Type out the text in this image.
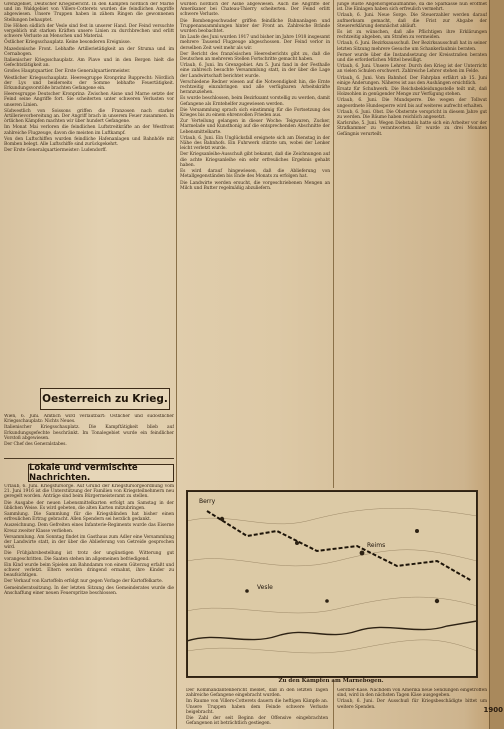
Grenzgebiet, Deutscher Kriegsbericht. In den Kämpfen nördlich der Marne und im Waldgebiet von Villers-Cotterets wurden die feindlichen Angriffe abgewiesen. Unsere Truppen haben in zähem Ringen die gewonnenen Stellungen behauptet.

Die Höhen südlich der Vesle sind fest in unserer Hand. Der Feind versuchte vergeblich mit starken Kräften unsere Linien zu durchbrechen und erlitt schwere Verluste an Menschen und Material.

Östlicher Kriegsschauplatz. Keine besonderen Ereignisse.

Mazedonische Front. Lebhafte Artillerietätigkeit an der Struma und im Cernabogen.

Italienischer Kriegsschauplatz. Am Piave und in den Bergen hielt die Gefechtstätigkeit an.

Großes Hauptquartier. Der Erste Generalquartiermeister.

Westlicher Kriegsschauplatz. Heeresgruppe Kronprinz Rupprecht: Nördlich der Lys und beiderseits der Somme lebhafte Feuertätigkeit. Erkundungsvorstöße brachten Gefangene ein.

Heeresgruppe Deutscher Kronprinz: Zwischen Aisne und Marne setzte der Feind seine Angriffe fort. Sie scheiterten unter schweren Verlusten vor unseren Linien.

Südwestlich von Soissons griffen die Franzosen nach starker Artillerievorbereitung an. Der Angriff brach in unserem Feuer zusammen. In örtlichen Kämpfen machten wir über hundert Gefangene.

Im Monat Mai verloren die feindlichen Luftstreitkräfte an der Westfront zahlreiche Flugzeuge, davon die meisten im Luftkampf.

Von den Luftschiffen wurden feindliche Hafenanlagen und Bahnhöfe mit Bomben belegt. Alle Luftschiffe sind zurückgekehrt.

Der Erste Generalquartiermeister: Ludendorff.

Oesterreich zu Krieg.

Wien, 6. Juni. Amtlich wird verlautbart: Östlicher und südöstlicher Kriegsschauplatz: Nichts Neues.

Italienischer Kriegsschauplatz. Die Kampftätigkeit blieb auf Erkundungsgefechte beschränkt. Im Tonalegebiet wurde ein feindlicher Vorstoß abgewiesen.

Der Chef des Generalstabes.

Lokale und vermischte Nachrichten.

Urlaub, 6. Juni. Kriegsfürsorge. Auf Grund der Kriegsfürsorgeordnung vom 21. Juni 1916 ist die Unterstützung der Familien von Kriegsteilnehmern neu geregelt worden. Anträge sind beim Bürgermeisteramt zu stellen.

Die Ausgabe der neuen Lebensmittelkarten erfolgt am Samstag in der üblichen Weise. Es wird gebeten, die alten Karten mitzubringen.

Sammlung. Die Sammlung für die Kriegsblinden hat bisher einen erfreulichen Ertrag gebracht. Allen Spendern sei herzlich gedankt.

Auszeichnung. Dem Gefreiten eines Infanterie-Regiments wurde das Eiserne Kreuz zweiter Klasse verliehen.

Versammlung. Am Sonntag findet im Gasthaus zum Adler eine Versammlung der Landwirte statt, in der über die Ablieferung von Getreide gesprochen wird.

Die Frühjahrsbestellung ist trotz der ungünstigen Witterung gut vorangeschritten. Die Saaten stehen im allgemeinen befriedigend.

Ein Kind wurde beim Spielen am Bahndamm von einem Güterzug erfaßt und schwer verletzt. Eltern werden dringend ermahnt, ihre Kinder zu beaufsichtigen.

Der Verkauf von Kartoffeln erfolgt nur gegen Vorlage der Kartoffelkarte.

Gemeinderatssitzung. In der letzten Sitzung des Gemeinderates wurde die Anschaffung einer neuen Feuerspritze beschlossen.

wurden nördlich der Aisne abgewiesen. Auch die Angriffe der Amerikaner bei Chateau-Thierry scheiterten. Der Feind erlitt schwere Verluste.

Die Bombengeschwader griffen feindliche Bahnanlagen und Truppenansammlungen hinter der Front an. Zahlreiche Brände wurden beobachtet.

Im Laufe des Juni wurden 1917 und bisher im Jahre 1918 insgesamt mehrere Tausend Flugzeuge abgeschossen. Der Feind verlor in derselben Zeit weit mehr als wir.

Der Bericht des französischen Heeresberichts gibt zu, daß die Deutschen an mehreren Stellen Fortschritte gemacht haben.

Urlaub, 6. Juni. Im Grenzgebiet. Am 5. Juni fand in der Festhalle eine zahlreich besuchte Versammlung statt, in der über die Lage der Landwirtschaft berichtet wurde.

Verschiedene Redner wiesen auf die Notwendigkeit hin, die Ernte rechtzeitig einzubringen und alle verfügbaren Arbeitskräfte heranzuziehen.

Es wurde beschlossen, beim Bezirksamt vorstellig zu werden, damit Gefangene als Erntehelfer zugewiesen werden.

Die Versammlung sprach sich einstimmig für die Fortsetzung des Krieges bis zu einem ehrenvollen Frieden aus.

Zur Verteilung gelangen in dieser Woche: Teigwaren, Zucker, Marmelade und Kunsthonig auf die entsprechenden Abschnitte der Lebensmittelkarte.

Urlaub, 6. Juni. Ein Unglücksfall ereignete sich am Dienstag in der Nähe des Bahnhofs. Ein Fuhrwerk stürzte um, wobei der Lenker leicht verletzt wurde.

Der Kriegsanleihe-Ausschuß gibt bekannt, daß die Zeichnungen auf die achte Kriegsanleihe ein sehr erfreuliches Ergebnis gehabt haben.

Es wird darauf hingewiesen, daß die Ablieferung von Metallgegenständen bis Ende des Monats zu erfolgen hat.

Die Landwirte werden ersucht, die vorgeschriebenen Mengen an Milch und Butter regelmäßig abzuliefern.

junge Rüste Angehörigenaufnahme, da die Sparkasse nun eröffnet ist. Die Einlagen haben sich erfreulich vermehrt.

Urlaub, 6. Juni. Neue Sorge. Die Steuerzahler werden darauf aufmerksam gemacht, daß die Frist zur Abgabe der Steuererklärung demnächst abläuft.

Es ist zu wünschen, daß alle Pflichtigen ihre Erklärungen rechtzeitig abgeben, um Strafen zu vermeiden.

Urlaub, 6. Juni. Bezirksausschuß. Der Bezirksausschuß hat in seiner letzten Sitzung mehrere Gesuche um Schankerlaubnis beraten.

Ferner wurde über die Instandsetzung der Kreisstraßen beraten und die erforderlichen Mittel bewilligt.

Urlaub, 6. Juni. Unsere Lehrer. Durch den Krieg ist der Unterricht an vielen Schulen erschwert. Zahlreiche Lehrer stehen im Felde.

Urlaub, 6. Juni. Vom Bahnhof. Der Fahrplan erfährt ab 15. Juni einige Änderungen. Näheres ist aus den Aushängen ersichtlich.

Ersatz für Schuhwerk. Die Reichsbekleidungsstelle teilt mit, daß Holzsohlen in genügender Menge zur Verfügung stehen.

Urlaub, 6. Juni. Die Mundsperre. Die wegen der Tollwut angeordnete Hundesperre wird bis auf weiteres aufrecht erhalten.

Urlaub, 6. Juni. Obst. Die Obsternte verspricht in diesem Jahre gut zu werden. Die Bäume haben reichlich angesetzt.

Karlsruhe, 5. Juni. Wegen Diebstahls hatte sich ein Arbeiter vor der Strafkammer zu verantworten. Er wurde zu drei Monaten Gefängnis verurteilt.

Berry
Reims
Vesle
Zu den Kämpfen am Marnebogen.

Der Kommandantenbericht meldet, daß in den letzten Tagen zahlreiche Gefangene eingebracht wurden.

Im Raume von Villers-Cotterets dauern die heftigen Kämpfe an. Unsere Truppen haben dem Feinde schwere Verluste beigebracht.

Die Zahl der seit Beginn der Offensive eingebrachten Gefangenen ist beträchtlich gestiegen.

Gerstler-Käse. Nachdem von Amerika neue Sendungen eingetroffen sind, wird in den nächsten Tagen Käse ausgegeben.

Urlaub, 6. Juni. Der Ausschuß für Kriegsbeschädigte bittet um weitere Spenden.	1900
